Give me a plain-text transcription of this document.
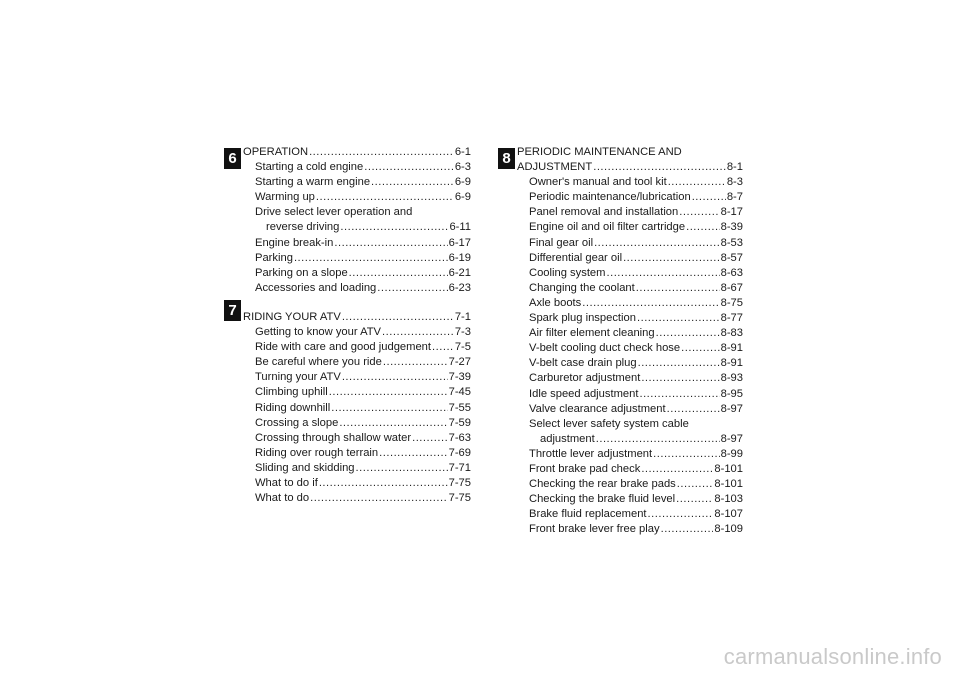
6
7
8
OPERATION .....	6-1
Starting a cold engine .....	6-3
Starting a warm engine .....	6-9
Warming up .....	6-9
Drive select lever operation and
reverse driving .....	6-11
Engine break-in .....	6-17
Parking .....	6-19
Parking on a slope .....	6-21
Accessories and loading .....	6-23
RIDING YOUR ATV .....	7-1
Getting to know your ATV .....	7-3
Ride with care and good judgement ..... 7-5
Be careful where you ride .....	7-27
Turning your ATV .....	7-39
Climbing uphill .....	7-45
Riding downhill .....	7-55
Crossing a slope .....	7-59
Crossing through shallow water .....	7-63
Riding over rough terrain .....	7-69
Sliding and skidding .....	7-71
What to do if .....	7-75
What to do .....	7-75
PERIODIC MAINTENANCE AND
ADJUSTMENT .....	8-1
Owner's manual and tool kit .....	8-3
Periodic maintenance/lubrication .....	8-7
Panel removal and installation .....	8-17
Engine oil and oil filter cartridge .....	8-39
Final gear oil .....	8-53
Differential gear oil .....	8-57
Cooling system .....	8-63
Changing the coolant .....	8-67
Axle boots .....	8-75
Spark plug inspection .....	8-77
Air filter element cleaning .....	8-83
V-belt cooling duct check hose .....	8-91
V-belt case drain plug .....	8-91
Carburetor adjustment .....	8-93
Idle speed adjustment .....	8-95
Valve clearance adjustment .....	8-97
Select lever safety system cable
adjustment .....	8-97
Throttle lever adjustment .....	8-99
Front brake pad check .....	8-101
Checking the rear brake pads .....	8-101
Checking the brake fluid level .....	8-103
Brake fluid replacement .....	8-107
Front brake lever free play .....	8-109
carmanualsonline.info
